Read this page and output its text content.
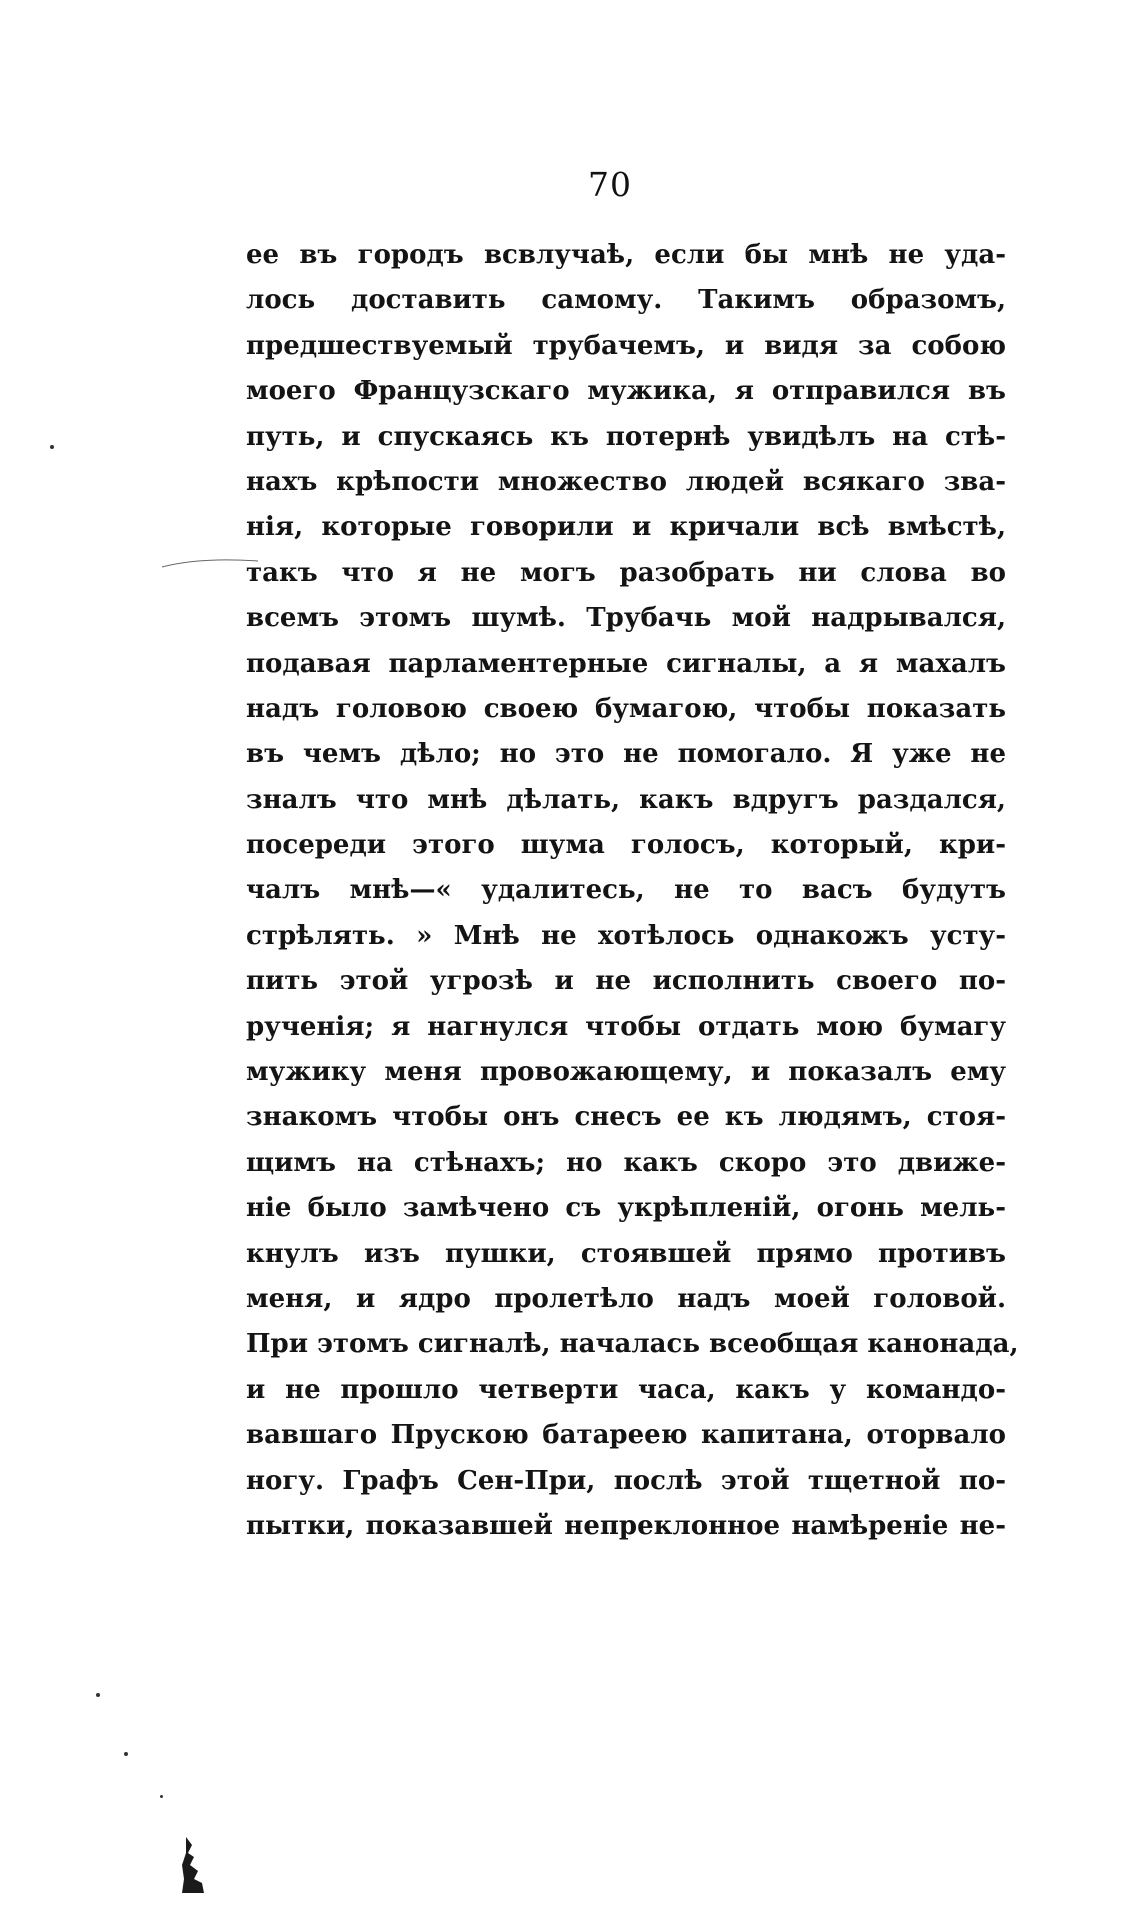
70
ее въ городъ всвлучаѣ, если бы мнѣ не уда-
лось доставить самому. Такимъ образомъ,
предшествуемый трубачемъ, и видя за собою
моего Французскаго мужика, я отправился въ
путь, и спускаясь къ потернѣ увидѣлъ на стѣ-
нахъ крѣпости множество людей всякаго зва-
нія, которые говорили и кричали всѣ вмѣстѣ,
такъ что я не могъ разобрать ни слова во
всемъ этомъ шумѣ. Трубачь мой надрывался,
подавая парламентерные сигналы, а я махалъ
надъ головою своею бумагою, чтобы показать
въ чемъ дѣло; но это не помогало. Я уже не
зналъ что мнѣ дѣлать, какъ вдругъ раздался,
посереди этого шума голосъ, который, кри-
чалъ мнѣ—« удалитесь, не то васъ будутъ
стрѣлять. » Мнѣ не хотѣлось однакожъ усту-
пить этой угрозѣ и не исполнить своего по-
рученія; я нагнулся чтобы отдать мою бумагу
мужику меня провожающему, и показалъ ему
знакомъ чтобы онъ снесъ ее къ людямъ, стоя-
щимъ на стѣнахъ; но какъ скоро это движе-
ніе было замѣчено съ укрѣпленій, огонь мель-
кнулъ изъ пушки, стоявшей прямо противъ
меня, и ядро пролетѣло надъ моей головой.
При этомъ сигналѣ, началась всеобщая канонада,
и не прошло четверти часа, какъ у командо-
вавшаго Прускою батареею капитана, оторвало
ногу. Графъ Сен-При, послѣ этой тщетной по-
пытки, показавшей непреклонное намѣреніе не-
